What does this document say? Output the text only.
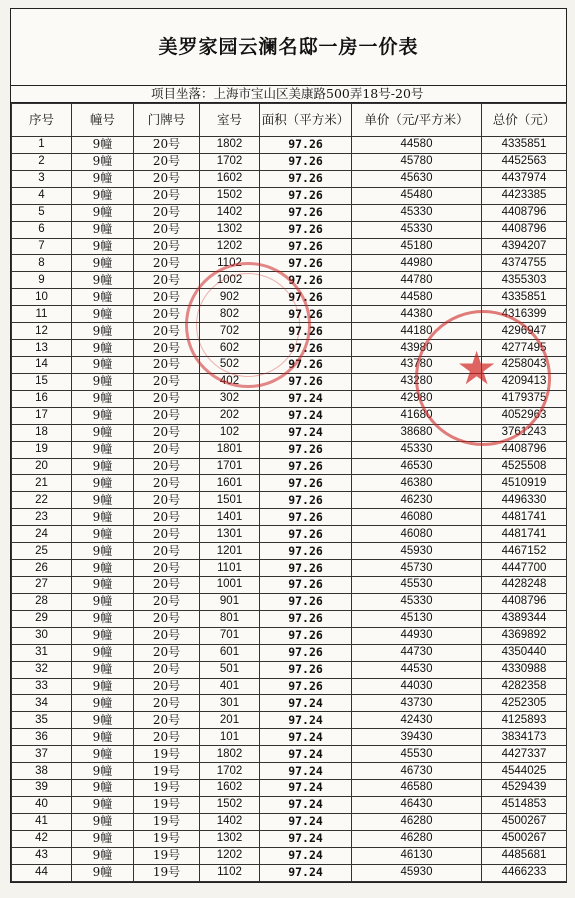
美罗家园云澜名邸一房一价表
项目坐落：上海市宝山区美康路500弄18号-20号
序号	幢号	门牌号	室号	面积（平方米）	单价（元/平方米）	总价（元）
1	9幢	20号	1802	97.26	44580	4335851
2	9幢	20号	1702	97.26	45780	4452563
3	9幢	20号	1602	97.26	45630	4437974
4	9幢	20号	1502	97.26	45480	4423385
5	9幢	20号	1402	97.26	45330	4408796
6	9幢	20号	1302	97.26	45330	4408796
7	9幢	20号	1202	97.26	45180	4394207
8	9幢	20号	1102	97.26	44980	4374755
9	9幢	20号	1002	97.26	44780	4355303
10	9幢	20号	902	97.26	44580	4335851
11	9幢	20号	802	97.26	44380	4316399
12	9幢	20号	702	97.26	44180	4296947
13	9幢	20号	602	97.26	43980	4277495
14	9幢	20号	502	97.26	43780	4258043
15	9幢	20号	402	97.26	43280	4209413
16	9幢	20号	302	97.24	42980	4179375
17	9幢	20号	202	97.24	41680	4052963
18	9幢	20号	102	97.24	38680	3761243
19	9幢	20号	1801	97.26	45330	4408796
20	9幢	20号	1701	97.26	46530	4525508
21	9幢	20号	1601	97.26	46380	4510919
22	9幢	20号	1501	97.26	46230	4496330
23	9幢	20号	1401	97.26	46080	4481741
24	9幢	20号	1301	97.26	46080	4481741
25	9幢	20号	1201	97.26	45930	4467152
26	9幢	20号	1101	97.26	45730	4447700
27	9幢	20号	1001	97.26	45530	4428248
28	9幢	20号	901	97.26	45330	4408796
29	9幢	20号	801	97.26	45130	4389344
30	9幢	20号	701	97.26	44930	4369892
31	9幢	20号	601	97.26	44730	4350440
32	9幢	20号	501	97.26	44530	4330988
33	9幢	20号	401	97.26	44030	4282358
34	9幢	20号	301	97.24	43730	4252305
35	9幢	20号	201	97.24	42430	4125893
36	9幢	20号	101	97.24	39430	3834173
37	9幢	19号	1802	97.24	45530	4427337
38	9幢	19号	1702	97.24	46730	4544025
39	9幢	19号	1602	97.24	46580	4529439
40	9幢	19号	1502	97.24	46430	4514853
41	9幢	19号	1402	97.24	46280	4500267
42	9幢	19号	1302	97.24	46280	4500267
43	9幢	19号	1202	97.24	46130	4485681
44	9幢	19号	1102	97.24	45930	4466233
★
